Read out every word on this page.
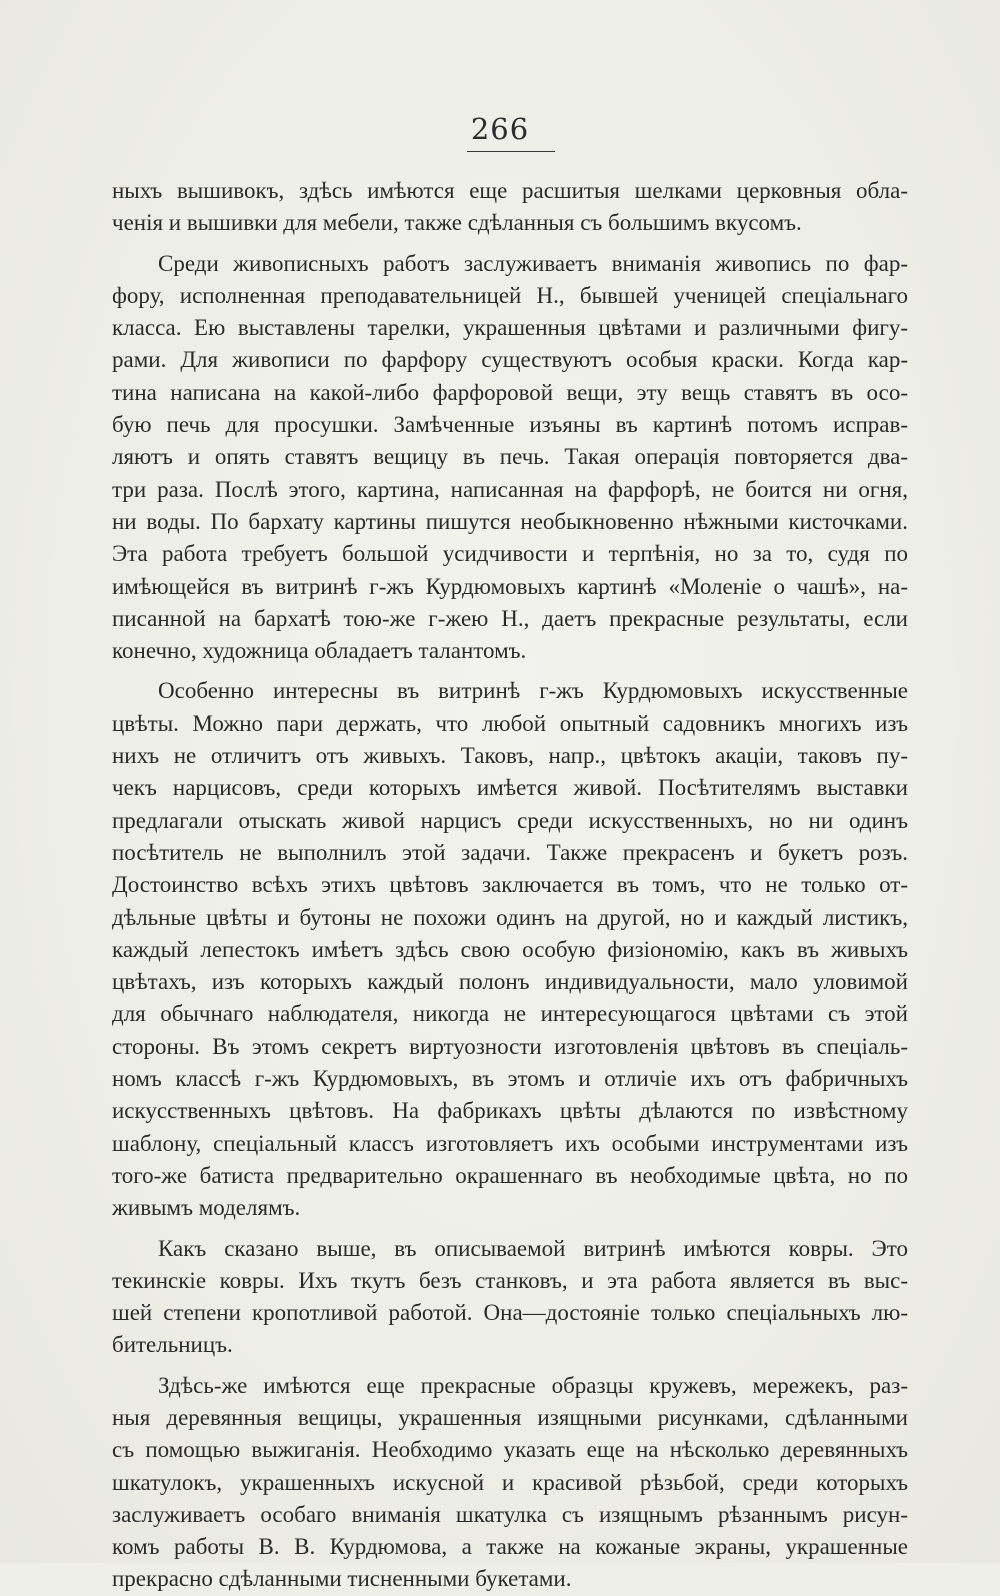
266
ныхъ вышивокъ, здѣсь имѣются еще расшитыя шелками церковныя обла-
ченія и вышивки для мебели, также сдѣланныя съ большимъ вкусомъ.
Среди живописныхъ работъ заслуживаетъ вниманія живопись по фар-
фору, исполненная преподавательницей Н., бывшей ученицей спеціальнаго
класса. Ею выставлены тарелки, украшенныя цвѣтами и различными фигу-
рами. Для живописи по фарфору существуютъ особыя краски. Когда кар-
тина написана на какой-либо фарфоровой вещи, эту вещь ставятъ въ осо-
бую печь для просушки. Замѣченные изъяны въ картинѣ потомъ исправ-
ляютъ и опять ставятъ вещицу въ печь. Такая операція повторяется два-
три раза. Послѣ этого, картина, написанная на фарфорѣ, не боится ни огня,
ни воды. По бархату картины пишутся необыкновенно нѣжными кисточками.
Эта работа требуетъ большой усидчивости и терпѣнія, но за то, судя по
имѣющейся въ витринѣ г-жъ Курдюмовыхъ картинѣ «Моленіе о чашѣ», на-
писанной на бархатѣ тою-же г-жею Н., даетъ прекрасные результаты, если
конечно, художница обладаетъ талантомъ.
Особенно интересны въ витринѣ г-жъ Курдюмовыхъ искусственные
цвѣты. Можно пари держать, что любой опытный садовникъ многихъ изъ
нихъ не отличитъ отъ живыхъ. Таковъ, напр., цвѣтокъ акаціи, таковъ пу-
чекъ нарцисовъ, среди которыхъ имѣется живой. Посѣтителямъ выставки
предлагали отыскать живой нарцисъ среди искусственныхъ, но ни одинъ
посѣтитель не выполнилъ этой задачи. Также прекрасенъ и букетъ розъ.
Достоинство всѣхъ этихъ цвѣтовъ заключается въ томъ, что не только от-
дѣльные цвѣты и бутоны не похожи одинъ на другой, но и каждый листикъ,
каждый лепестокъ имѣетъ здѣсь свою особую физіономію, какъ въ живыхъ
цвѣтахъ, изъ которыхъ каждый полонъ индивидуальности, мало уловимой
для обычнаго наблюдателя, никогда не интересующагося цвѣтами съ этой
стороны. Въ этомъ секретъ виртуозности изготовленія цвѣтовъ въ спеціаль-
номъ классѣ г-жъ Курдюмовыхъ, въ этомъ и отличіе ихъ отъ фабричныхъ
искусственныхъ цвѣтовъ. На фабрикахъ цвѣты дѣлаются по извѣстному
шаблону, спеціальный классъ изготовляетъ ихъ особыми инструментами изъ
того-же батиста предварительно окрашеннаго въ необходимые цвѣта, но по
живымъ моделямъ.
Какъ сказано выше, въ описываемой витринѣ имѣются ковры. Это
текинскіе ковры. Ихъ ткутъ безъ станковъ, и эта работа является въ выс-
шей степени кропотливой работой. Она—достояніе только спеціальныхъ лю-
бительницъ.
Здѣсь-же имѣются еще прекрасные образцы кружевъ, мережекъ, раз-
ныя деревянныя вещицы, украшенныя изящными рисунками, сдѣланными
съ помощью выжиганія. Необходимо указать еще на нѣсколько деревянныхъ
шкатулокъ, украшенныхъ искусной и красивой рѣзьбой, среди которыхъ
заслуживаетъ особаго вниманія шкатулка съ изящнымъ рѣзаннымъ рисун-
комъ работы В. В. Курдюмова, а также на кожаные экраны, украшенные
прекрасно сдѣланными тисненными букетами.
